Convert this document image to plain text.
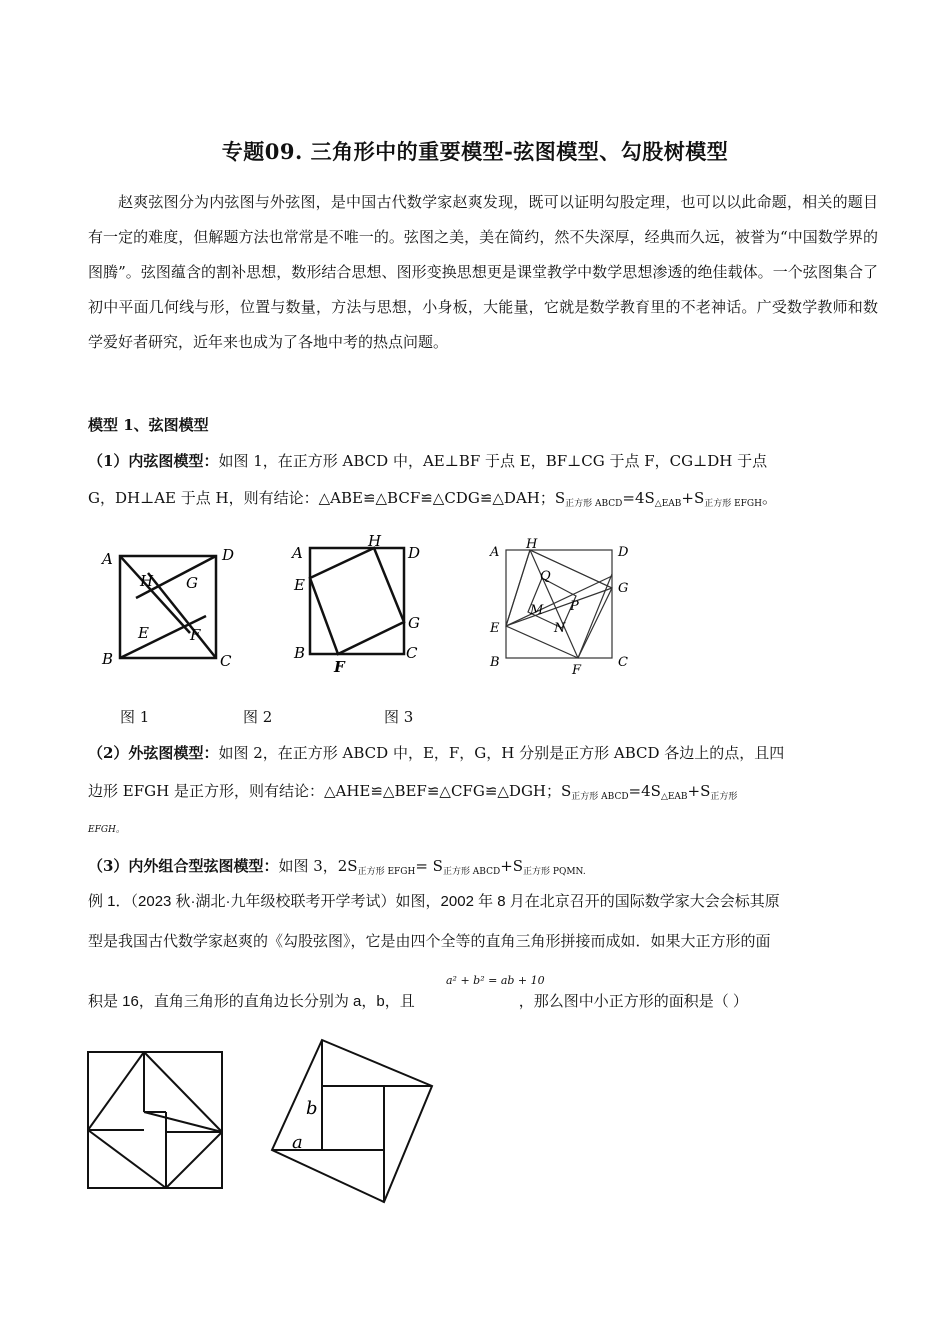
专题09. 三角形中的重要模型-弦图模型、勾股树模型
赵爽弦图分为内弦图与外弦图，是中国古代数学家赵爽发现，既可以证明勾股定理，也可以以此命题，相关的题目有一定的难度，但解题方法也常常是不唯一的。弦图之美，美在简约，然不失深厚，经典而久远，被誉为“中国数学界的图腾”。弦图蕴含的割补思想，数形结合思想、图形变换思想更是课堂教学中数学思想渗透的绝佳载体。一个弦图集合了初中平面几何线与形，位置与数量，方法与思想，小身板，大能量，它就是数学教育里的不老神话。广受数学教师和数学爱好者研究，近年来也成为了各地中考的热点问题。
模型 1、弦图模型
（1）内弦图模型：如图 1，在正方形 ABCD 中，AE⊥BF 于点 E，BF⊥CG 于点 F，CG⊥DH 于点
G，DH⊥AE 于点 H，则有结论：△ABE≌△BCF≌△CDG≌△DAH；$S_{正方形 ABCD}=4S_{\triangle EAB}+S_{正方形 EFGH}$。
A	D
H G
E	F
B	C
A
H
D
E
G
B
F
C
A
H
D
Q
G
M P
E	N
B
F
C
图 1	图 2	图 3
（2）外弦图模型：如图 2，在正方形 ABCD 中，E，F，G，H 分别是正方形 ABCD 各边上的点，且四
边形 EFGH 是正方形，则有结论：△AHE≌△BEF≌△CFG≌△DGH；$S_{正方形 ABCD}=4S_{\triangle EAB}+S_{正方形}$
EFGH。
（3）内外组合型弦图模型：如图 3，$2S_{正方形 EFGH}= S_{正方形 ABCD}+S_{正方形 PQMN.}$
例 1．（2023 秋·湖北·九年级校联考开学考试）如图，2002 年 8 月在北京召开的国际数学家大会会标其原
型是我国古代数学家赵爽的《勾股弦图》，它是由四个全等的直角三角形拼接而成如．如果大正方形的面
积是 16，直角三角形的直角边长分别为 a，b，且	，那么图中小正方形的面积是（ ）
a² + b² = ab + 10
b
a
